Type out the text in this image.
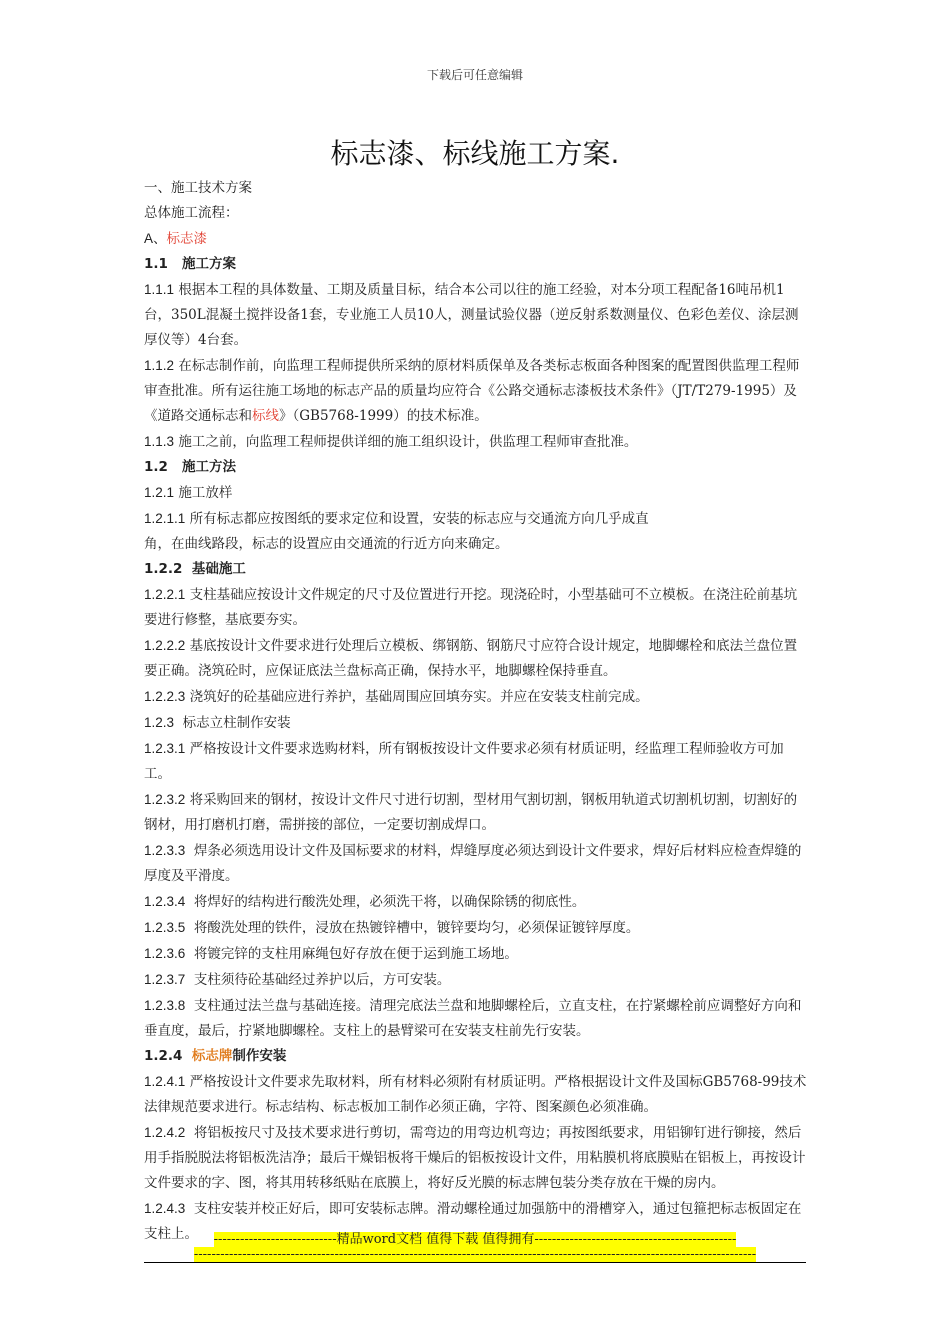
下载后可任意编辑
标志漆、标线施工方案.

一、施工技术方案

总体施工流程：

A、标志漆

1.1 施工方案

1.1.1 根据本工程的具体数量、工期及质量目标，结合本公司以往的施工经验，对本分项工程配备16吨吊机1台，350L混凝土搅拌设备1套，专业施工人员10人，测量试验仪器（逆反射系数测量仪、色彩色差仪、涂层测厚仪等）4台套。

1.1.2 在标志制作前，向监理工程师提供所采纳的原材料质保单及各类标志板面各种图案的配置图供监理工程师审查批准。所有运往施工场地的标志产品的质量均应符合《公路交通标志漆板技术条件》（JT/T279-1995）及《道路交通标志和标线》（GB5768-1999）的技术标准。

1.1.3 施工之前，向监理工程师提供详细的施工组织设计，供监理工程师审查批准。

1.2 施工方法

1.2.1 施工放样

1.2.1.1 所有标志都应按图纸的要求定位和设置，安装的标志应与交通流方向几乎成直

角，在曲线路段，标志的设置应由交通流的行近方向来确定。

1.2.2 基础施工

1.2.2.1 支柱基础应按设计文件规定的尺寸及位置进行开挖。现浇砼时，小型基础可不立模板。在浇注砼前基坑要进行修整，基底要夯实。

1.2.2.2 基底按设计文件要求进行处理后立模板、绑钢筋、钢筋尺寸应符合设计规定，地脚螺栓和底法兰盘位置要正确。浇筑砼时，应保证底法兰盘标高正确，保持水平，地脚螺栓保持垂直。

1.2.2.3 浇筑好的砼基础应进行养护，基础周围应回填夯实。并应在安装支柱前完成。

1.2.3 标志立柱制作安装

1.2.3.1 严格按设计文件要求选购材料，所有钢板按设计文件要求必须有材质证明，经监理工程师验收方可加工。

1.2.3.2 将采购回来的钢材，按设计文件尺寸进行切割，型材用气割切割，钢板用轨道式切割机切割，切割好的钢材，用打磨机打磨，需拼接的部位，一定要切割成焊口。

1.2.3.3 焊条必须选用设计文件及国标要求的材料，焊缝厚度必须达到设计文件要求，焊好后材料应检查焊缝的厚度及平滑度。

1.2.3.4 将焊好的结构进行酸洗处理，必须洗干将，以确保除锈的彻底性。

1.2.3.5 将酸洗处理的铁件，浸放在热镀锌槽中，镀锌要均匀，必须保证镀锌厚度。

1.2.3.6 将镀完锌的支柱用麻绳包好存放在便于运到施工场地。

1.2.3.7 支柱须待砼基础经过养护以后，方可安装。

1.2.3.8 支柱通过法兰盘与基础连接。清理完底法兰盘和地脚螺栓后，立直支柱，在拧紧螺栓前应调整好方向和垂直度，最后，拧紧地脚螺栓。支柱上的悬臂梁可在安装支柱前先行安装。

1.2.4 标志牌制作安装

1.2.4.1 严格按设计文件要求先取材料，所有材料必须附有材质证明。严格根据设计文件及国标GB5768-99技术法律规范要求进行。标志结构、标志板加工制作必须正确，字符、图案颜色必须准确。

1.2.4.2 将铝板按尺寸及技术要求进行剪切，需弯边的用弯边机弯边；再按图纸要求，用铝铆钉进行铆接，然后用手指脱脱法将铝板洗洁净；最后干燥铝板将干燥后的铝板按设计文件，用粘膜机将底膜贴在铝板上，再按设计文件要求的字、图，将其用转移纸贴在底膜上，将好反光膜的标志牌包装分类存放在干燥的房内。

1.2.4.3 支柱安装并校正好后，即可安装标志牌。滑动螺栓通过加强筋中的滑槽穿入，通过包箍把标志板固定在支柱上。	----------------------------精品word文档 值得下载 值得拥有----------------------------------------------
--------------------------------------------------------------------------------------------------------------------------------
